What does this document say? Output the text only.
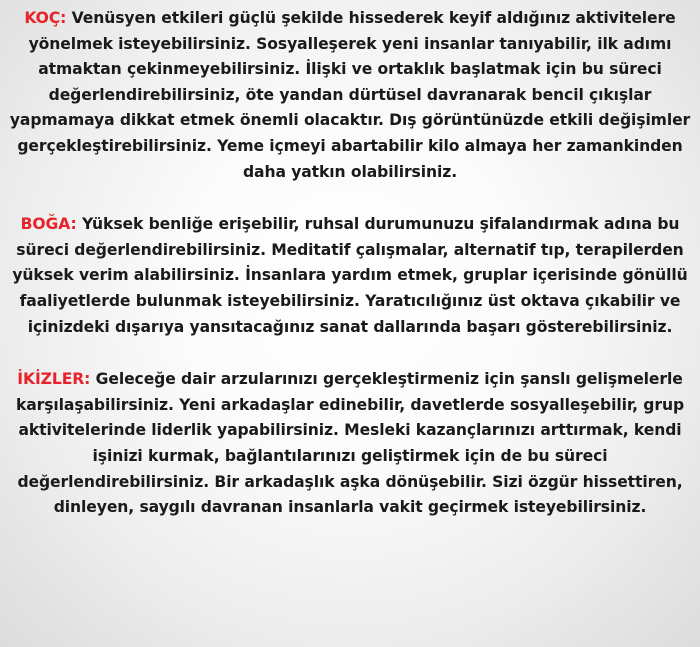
KOÇ: Venüsyen etkileri güçlü şekilde hissederek keyif aldığınız aktivitelere yönelmek isteyebilirsiniz. Sosyalleşerek yeni insanlar tanıyabilir, ilk adımı atmaktan çekinmeyebilirsiniz. İlişki ve ortaklık başlatmak için bu süreci değerlendirebilirsiniz, öte yandan dürtüsel davranarak bencil çıkışlar yapmamaya dikkat etmek önemli olacaktır. Dış görüntünüzde etkili değişimler gerçekleştirebilirsiniz. Yeme içmeyi abartabilir kilo almaya her zamankinden daha yatkın olabilirsiniz.

BOĞA: Yüksek benliğe erişebilir, ruhsal durumunuzu şifalandırmak adına bu süreci değerlendirebilirsiniz. Meditatif çalışmalar, alternatif tıp, terapilerden yüksek verim alabilirsiniz. İnsanlara yardım etmek, gruplar içerisinde gönüllü faaliyetlerde bulunmak isteyebilirsiniz. Yaratıcılığınız üst oktava çıkabilir ve içinizdeki dışarıya yansıtacağınız sanat dallarında başarı gösterebilirsiniz.

İKİZLER: Geleceğe dair arzularınızı gerçekleştirmeniz için şanslı gelişmelerle karşılaşabilirsiniz. Yeni arkadaşlar edinebilir, davetlerde sosyalleşebilir, grup aktivitelerinde liderlik yapabilirsiniz. Mesleki kazançlarınızı arttırmak, kendi işinizi kurmak, bağlantılarınızı geliştirmek için de bu süreci değerlendirebilirsiniz. Bir arkadaşlık aşka dönüşebilir. Sizi özgür hissettiren, dinleyen, saygılı davranan insanlarla vakit geçirmek isteyebilirsiniz.
